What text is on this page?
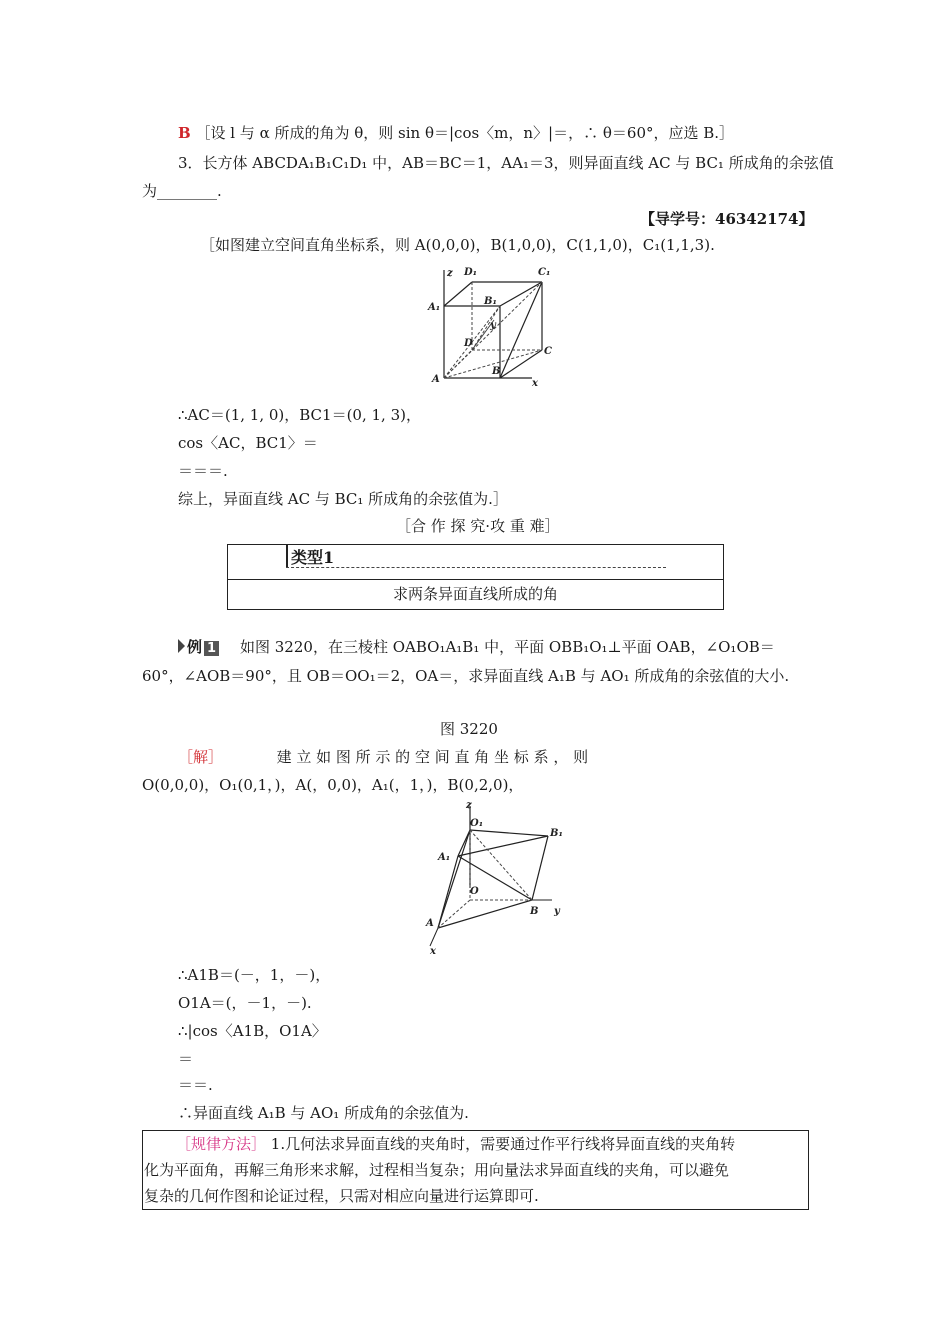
B ［设 l 与 α 所成的角为 θ，则 sin θ＝|cos〈m，n〉|＝，∴ θ＝60°，应选 B.］
3．长方体 ABCDA₁B₁C₁D₁ 中，AB＝BC＝1，AA₁＝3，则异面直线 AC 与 BC₁ 所成角的余弦值
为________.
【导学号：46342174】
［如图建立空间直角坐标系，则 A(0,0,0)，B(1,0,0)，C(1,1,0)，C₁(1,1,3).
z D₁	C₁
A₁
B₁
y
D
C
A
B
x
∴AC＝(1, 1, 0)，BC1＝(0, 1, 3)，
cos〈AC，BC1〉＝
＝＝＝.
综上，异面直线 AC 与 BC₁ 所成角的余弦值为.］
［合 作 探 究·攻 重 难］
类型1
求两条异面直线所成的角
例 1 如图 3220，在三棱柱 OABO₁A₁B₁ 中，平面 OBB₁O₁⊥平面 OAB，∠O₁OB＝
60°，∠AOB＝90°，且 OB＝OO₁＝2，OA＝，求异面直线 A₁B 与 AO₁ 所成角的余弦值的大小.
图 3220
［解］	建 立 如 图 所 示 的 空 间 直 角 坐 标 系 ， 则
O(0,0,0)，O₁(0,1，)，A(，0,0)，A₁(，1，)，B(0,2,0)，
z
O₁
B₁
A₁
O
B y
A
x
∴A1B＝(－，1，－)，
O1A＝(，－1，－).
∴|cos〈A1B，O1A〉
＝
＝＝.
∴异面直线 A₁B 与 AO₁ 所成角的余弦值为.
［规律方法］ 1.几何法求异面直线的夹角时，需要通过作平行线将异面直线的夹角转
化为平面角，再解三角形来求解，过程相当复杂；用向量法求异面直线的夹角，可以避免
复杂的几何作图和论证过程，只需对相应向量进行运算即可.
